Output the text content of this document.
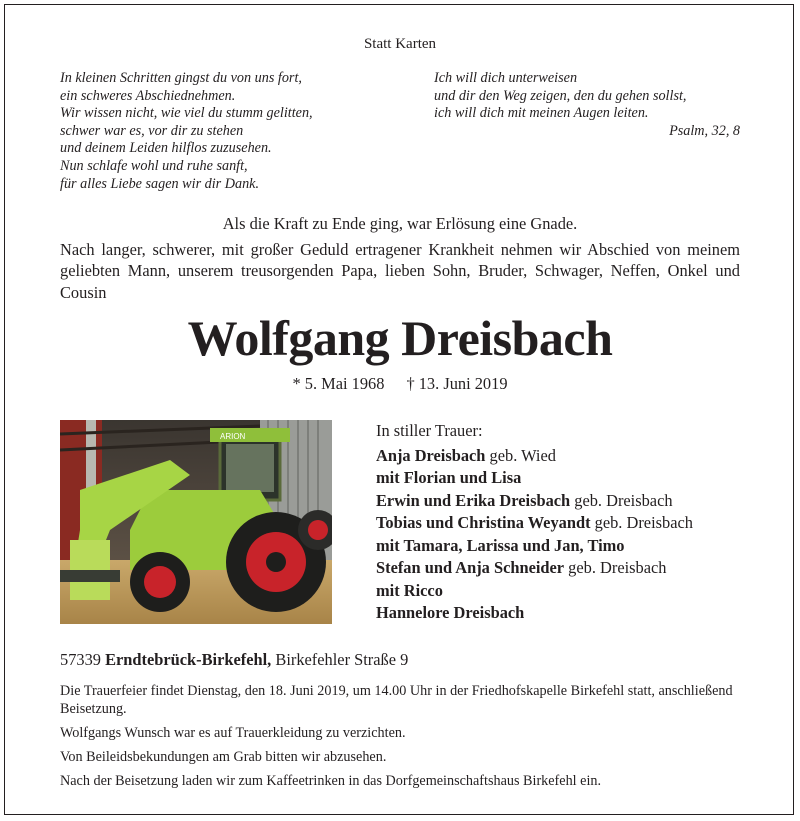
Statt Karten
In kleinen Schritten gingst du von uns fort,
ein schweres Abschiednehmen.
Wir wissen nicht, wie viel du stumm gelitten,
schwer war es, vor dir zu stehen
und deinem Leiden hilflos zuzusehen.
Nun schlafe wohl und ruhe sanft,
für alles Liebe sagen wir dir Dank.
Ich will dich unterweisen
und dir den Weg zeigen, den du gehen sollst,
ich will dich mit meinen Augen leiten.
Psalm, 32, 8
Als die Kraft zu Ende ging, war Erlösung eine Gnade.
Nach langer, schwerer, mit großer Geduld ertragener Krankheit nehmen wir Abschied von meinem geliebten Mann, unserem treusorgenden Papa, lieben Sohn, Bruder, Schwager, Neffen, Onkel und Cousin
Wolfgang Dreisbach
* 5. Mai 1968 † 13. Juni 2019
ARION	In stiller Trauer:
Anja Dreisbach geb. Wied
mit Florian und Lisa
Erwin und Erika Dreisbach geb. Dreisbach
Tobias und Christina Weyandt geb. Dreisbach
mit Tamara, Larissa und Jan, Timo
Stefan und Anja Schneider geb. Dreisbach
mit Ricco
Hannelore Dreisbach
57339 Erndtebrück-Birkefehl, Birkefehler Straße 9

Die Trauerfeier findet Dienstag, den 18. Juni 2019, um 14.00 Uhr in der Friedhofskapelle Birkefehl statt, anschließend Beisetzung.

Wolfgangs Wunsch war es auf Trauerkleidung zu verzichten.

Von Beileidsbekundungen am Grab bitten wir abzusehen.

Nach der Beisetzung laden wir zum Kaffeetrinken in das Dorfgemeinschaftshaus Birkefehl ein.
